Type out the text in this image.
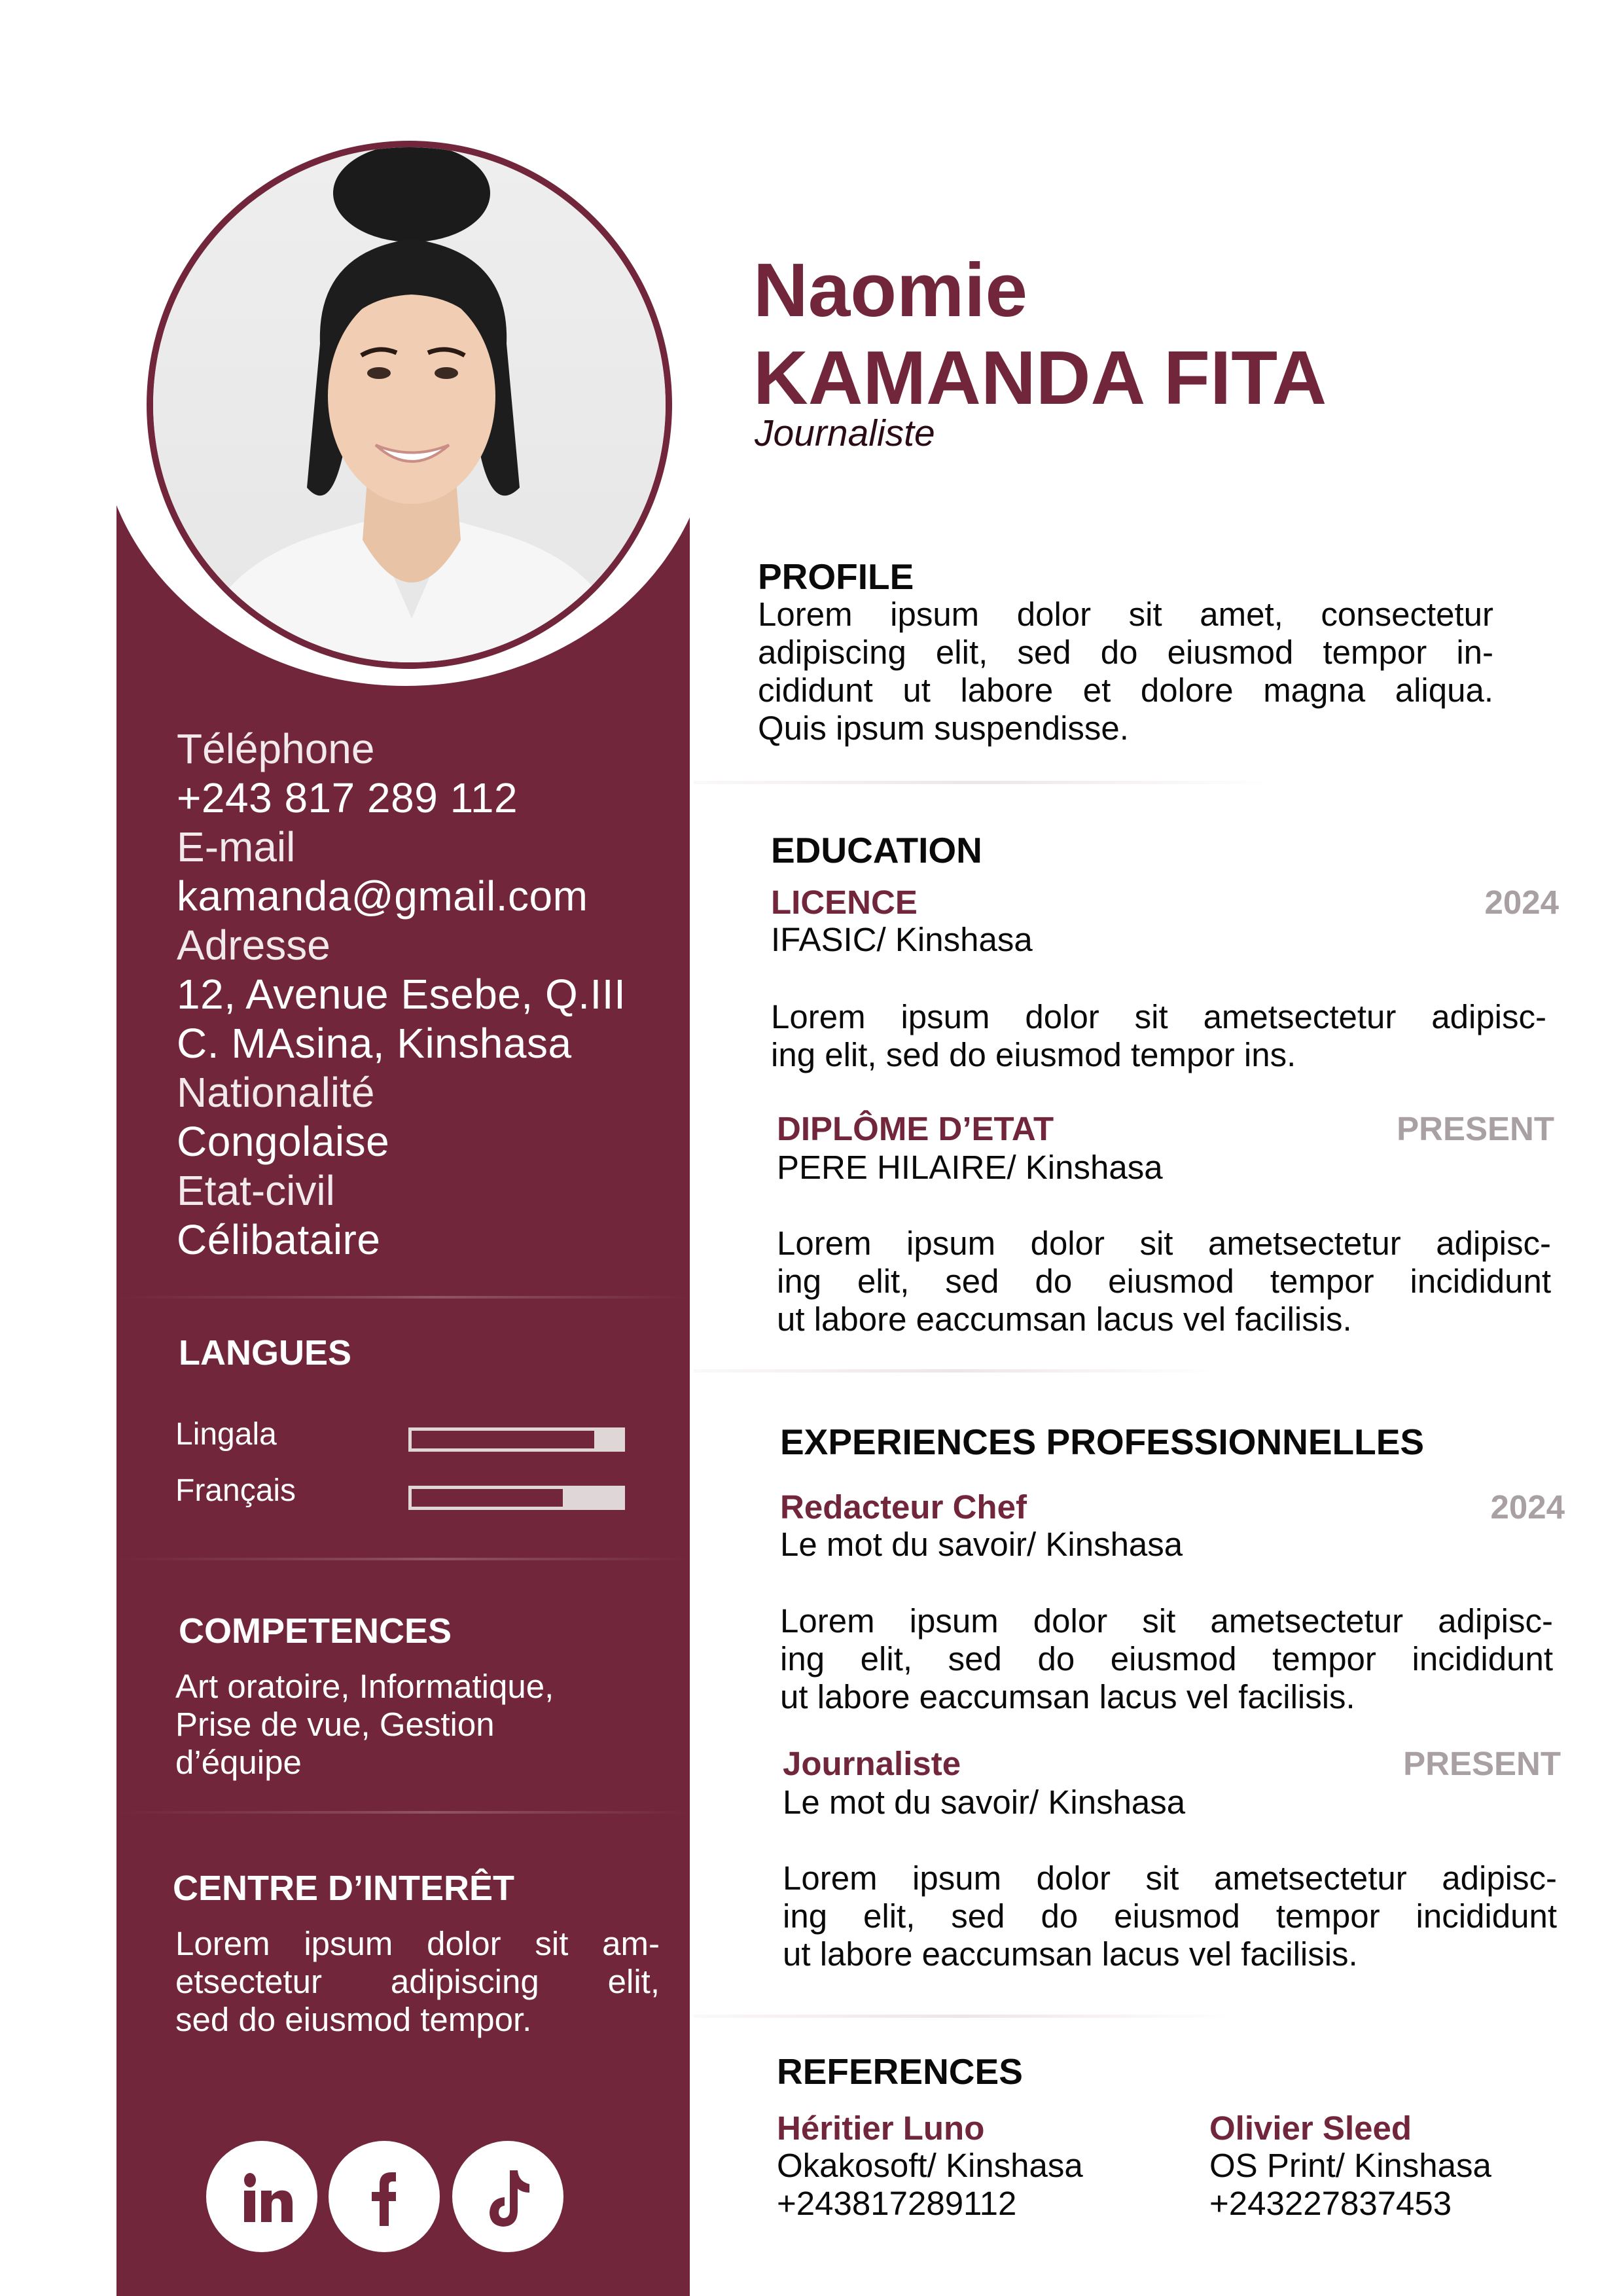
Téléphone
+243 817 289 112
E-mail
kamanda@gmail.com
Adresse
12, Avenue Esebe, Q.III
C. MAsina, Kinshasa
Nationalité
Congolaise
Etat-civil
Célibataire
LANGUES
Lingala
Français
COMPETENCES
Art oratoire, Informatique,
Prise de vue, Gestion
d’équipe
CENTRE D’INTERÊT
Lorem ipsum dolor sit am-
etsectetur adipiscing elit,
sed do eiusmod tempor.
Naomie
KAMANDA FITA
Journaliste
PROFILE
Lorem ipsum dolor sit amet, consectetur
adipiscing elit, sed do eiusmod tempor in-
cididunt ut labore et dolore magna aliqua.
Quis ipsum suspendisse.
EDUCATION
LICENCE	2024
IFASIC/ Kinshasa
Lorem ipsum dolor sit ametsectetur adipisc-
ing elit, sed do eiusmod tempor ins.
DIPLÔME D’ETAT	PRESENT
PERE HILAIRE/ Kinshasa
Lorem ipsum dolor sit ametsectetur adipisc-
ing elit, sed do eiusmod tempor incididunt
ut labore eaccumsan lacus vel facilisis.
EXPERIENCES PROFESSIONNELLES
Redacteur Chef	2024
Le mot du savoir/ Kinshasa
Lorem ipsum dolor sit ametsectetur adipisc-
ing elit, sed do eiusmod tempor incididunt
ut labore eaccumsan lacus vel facilisis.
Journaliste	PRESENT
Le mot du savoir/ Kinshasa
Lorem ipsum dolor sit ametsectetur adipisc-
ing elit, sed do eiusmod tempor incididunt
ut labore eaccumsan lacus vel facilisis.
REFERENCES
Héritier Luno
Okakosoft/ Kinshasa
+243817289112
Olivier Sleed
OS Print/ Kinshasa
+243227837453
